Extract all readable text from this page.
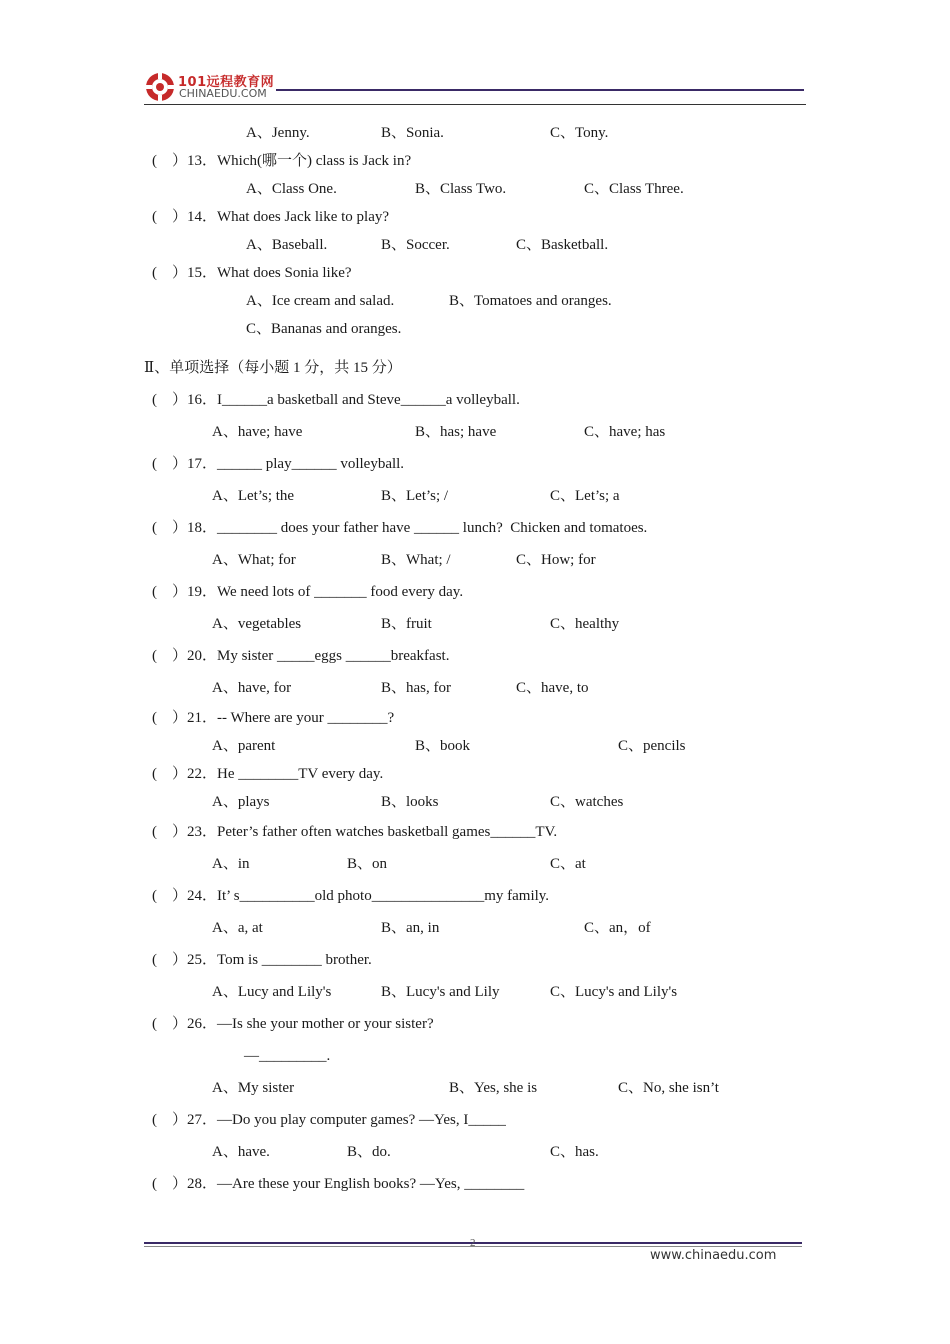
101远程教育网
CHINAEDU.COM
A、Jenny.	B、Sonia.	C、Tony.
(    ）13．Which(哪一个) class is Jack in?
A、Class One.	B、Class Two.	C、Class Three.
(    ）14．What does Jack like to play?
A、Baseball.	B、Soccer.	C、Basketball.
(    ）15．What does Sonia like?
A、Ice cream and salad.	B、Tomatoes and oranges.
C、Bananas and oranges.
Ⅱ、单项选择（每小题 1 分，共 15 分）
(    ）16．I______a basketball and Steve______a volleyball.
A、have; have	B、has; have	C、have; has
(    ）17．______ play______ volleyball.
A、Let’s; the	B、Let’s; /	C、Let’s; a
(    ）18．________ does your father have ______ lunch?  Chicken and tomatoes.
A、What; for	B、What; /	C、How; for
(    ）19．We need lots of _______ food every day.
A、vegetables	B、fruit	C、healthy
(    ）20．My sister _____eggs ______breakfast.
A、have, for	B、has, for	C、have, to
(    ）21．-- Where are your ________?
A、parent	B、book	C、pencils
(    ）22．He ________TV every day.
A、plays	B、looks	C、watches
(    ）23．Peter’s father often watches basketball games______TV.
A、in	B、on	C、at
(    ）24．It’ s__________old photo_______________my family.
A、a, at	B、an, in	C、an，of
(    ）25．Tom is ________ brother.
A、Lucy and Lily's	B、Lucy's and Lily	C、Lucy's and Lily's
(    ）26．—Is she your mother or your sister?
—_________.
A、My sister	B、Yes, she is	C、No, she isn’t
(    ）27．—Do you play computer games? —Yes, I_____
A、have.	B、do.	C、has.
(    ）28．—Are these your English books? —Yes, ________
2
www.chinaedu.com
